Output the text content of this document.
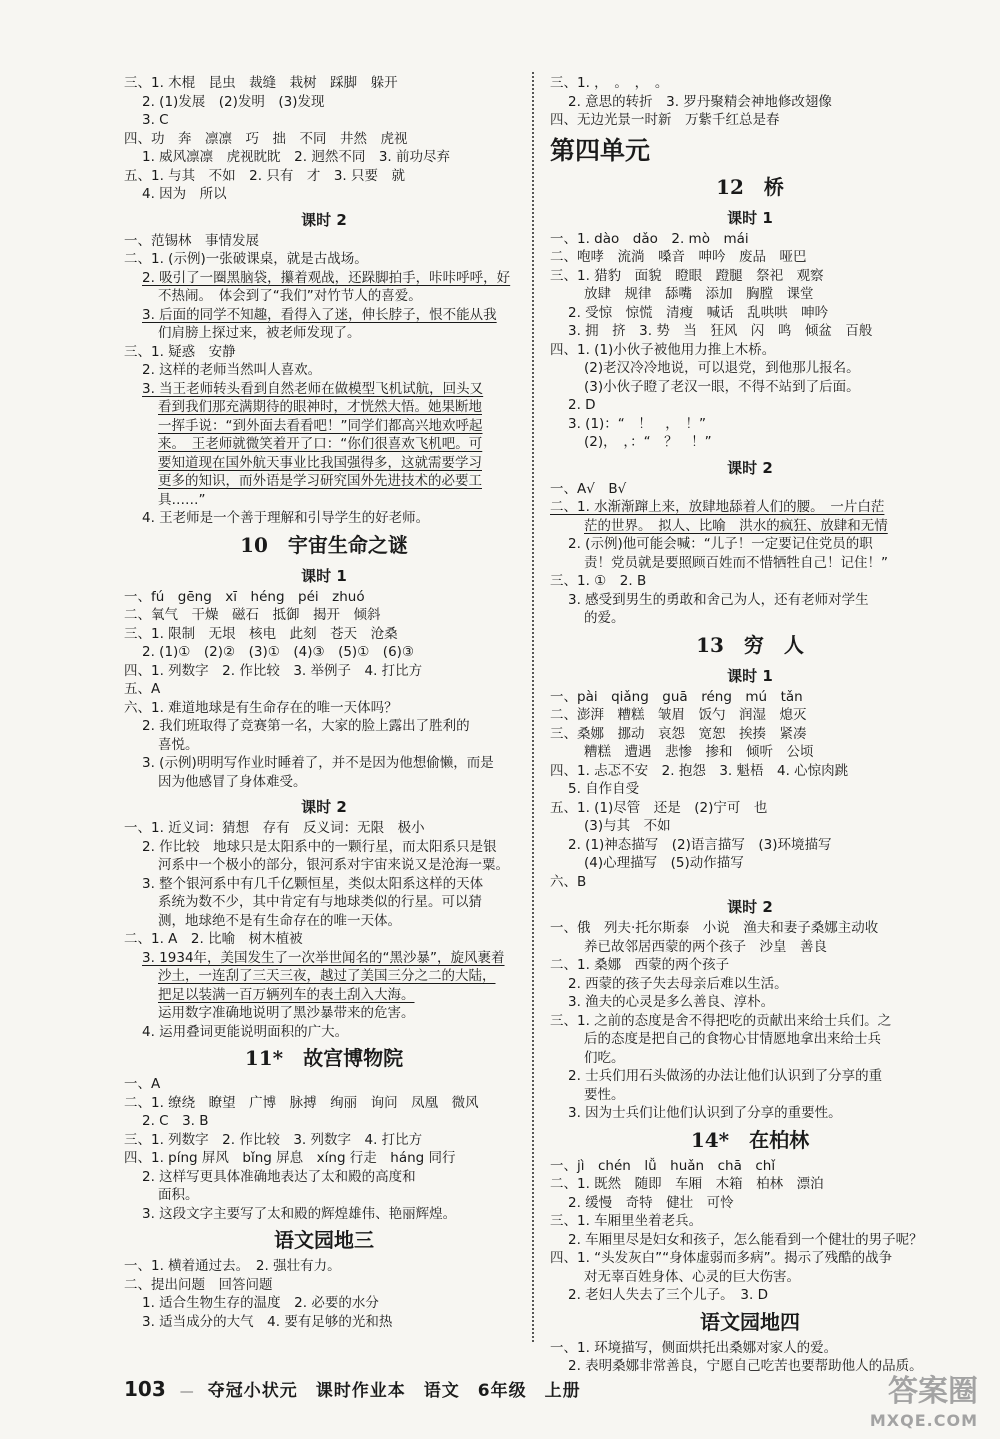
三、1. 木棍　昆虫　裁缝　栽树　踩脚　躲开
2. (1)发展　(2)发明　(3)发现
3. C
四、功　奔　凛凛　巧　拙　不同　井然　虎视
1. 威风凛凛　虎视眈眈　2. 迥然不同　3. 前功尽弃
五、1. 与其　不如　2. 只有　才　3. 只要　就
4. 因为　所以
课时 2
一、范锡林　事情发展
二、1. (示例)一张破课桌，就是古战场。
2. 吸引了一圈黑脑袋，攥着观战，还跺脚拍手，咔咔呼呼，好
不热闹。　体会到了“我们”对竹节人的喜爱。
3. 后面的同学不知趣，看得入了迷，伸长脖子，恨不能从我
们肩膀上探过来，被老师发现了。
三、1. 疑惑　安静
2. 这样的老师当然叫人喜欢。
3. 当王老师转头看到自然老师在做模型飞机试航，回头又
看到我们那充满期待的眼神时，才恍然大悟。她果断地
一挥手说：“到外面去看看吧！”同学们都高兴地欢呼起
来。　王老师就微笑着开了口：“你们很喜欢飞机吧。可
要知道现在国外航天事业比我国强得多，这就需要学习
更多的知识，而外语是学习研究国外先进技术的必要工
具……”
4. 王老师是一个善于理解和引导学生的好老师。
10　宇宙生命之谜
课时 1
一、fú　gēng　xī　héng　péi　zhuó
二、氧气　干燥　磁石　抵御　揭开　倾斜
三、1. 限制　无垠　核电　此刻　苍天　沧桑
2. (1)①　(2)②　(3)①　(4)③　(5)①　(6)③
四、1. 列数字　2. 作比较　3. 举例子　4. 打比方
五、A
六、1. 难道地球是有生命存在的唯一天体吗？
2. 我们班取得了竞赛第一名，大家的脸上露出了胜利的
喜悦。
3. (示例)明明写作业时睡着了，并不是因为他想偷懒，而是
因为他感冒了身体难受。
课时 2
一、1. 近义词：猜想　存有　反义词：无限　极小
2. 作比较　地球只是太阳系中的一颗行星，而太阳系只是银
河系中一个极小的部分，银河系对宇宙来说又是沧海一粟。
3. 整个银河系中有几千亿颗恒星，类似太阳系这样的天体
系统为数不少，其中肯定有与地球类似的行星。可以猜
测，地球绝不是有生命存在的唯一天体。
二、1. A　2. 比喻　树木植被
3. 1934年，美国发生了一次举世闻名的“黑沙暴”，旋风裹着
沙土，一连刮了三天三夜，越过了美国三分之二的大陆，
把足以装满一百万辆列车的表土刮入大海。
运用数字准确地说明了黑沙暴带来的危害。
4. 运用叠词更能说明面积的广大。
11*　故宫博物院
一、A
二、1. 缭绕　瞭望　广博　脉搏　绚丽　询问　凤凰　微风
2. C　3. B
三、1. 列数字　2. 作比较　3. 列数字　4. 打比方
四、1. píng 屏风　bǐng 屏息　xíng 行走　háng 同行
2. 这样写更具体准确地表达了太和殿的高度和
面积。
3. 这段文字主要写了太和殿的辉煌雄伟、艳丽辉煌。
语文园地三
一、1. 横着通过去。　2. 强壮有力。
二、提出问题　回答问题
1. 适合生物生存的温度　2. 必要的水分
3. 适当成分的大气　4. 要有足够的光和热
三、1. ，　。　，　。
2. 意思的转折　3. 罗丹聚精会神地修改翅像
四、无边光景一时新　万紫千红总是春
第四单元
12　桥
课时 1
一、1. dào　dǎo　2. mò　mái
二、咆哮　流淌　嗓音　呻吟　废品　哑巴
三、1. 猎豹　面貌　瞪眼　蹬腿　祭祀　观察
放肆　规律　舔嘴　添加　胸膛　课堂
2. 受惊　惊慌　清瘦　喊话　乱哄哄　呻吟
3. 拥　挤　3. 势　当　狂风　闪　鸣　倾盆　百般
四、1. (1)小伙子被他用力推上木桥。
(2)老汉冷冷地说，可以退党，到他那儿报名。
(3)小伙子瞪了老汉一眼，不得不站到了后面。
2. D
3. (1)：“　！　，　！”
(2)，　，：“　？　！”
课时 2
一、A√　B√
二、1. 水渐渐蹿上来，放肆地舔着人们的腰。　一片白茫
茫的世界。　拟人、比喻　洪水的疯狂、放肆和无情
2. (示例)他可能会喊：“儿子！一定要记住党员的职
责！党员就是要照顾百姓而不惜牺牲自己！记住！”
三、1. ①　2. B
3. 感受到男生的勇敢和舍己为人，还有老师对学生
的爱。
13　穷　人
课时 1
一、pài　qiǎng　guā　réng　mú　tǎn
二、澎湃　糟糕　皱眉　饭勺　润湿　熄灭
三、桑娜　挪动　哀怨　宽恕　挨揍　紧凑
糟糕　遭遇　悲惨　掺和　倾听　公顷
四、1. 忐忑不安　2. 抱怨　3. 魁梧　4. 心惊肉跳
5. 自作自受
五、1. (1)尽管　还是　(2)宁可　也
(3)与其　不如
2. (1)神态描写　(2)语言描写　(3)环境描写
(4)心理描写　(5)动作描写
六、B
课时 2
一、俄　列夫·托尔斯泰　小说　渔夫和妻子桑娜主动收
养已故邻居西蒙的两个孩子　沙皇　善良
二、1. 桑娜　西蒙的两个孩子
2. 西蒙的孩子失去母亲后难以生活。
3. 渔夫的心灵是多么善良、淳朴。
三、1. 之前的态度是舍不得把吃的贡献出来给士兵们。之
后的态度是把自己的食物心甘情愿地拿出来给士兵
们吃。
2. 士兵们用石头做汤的办法让他们认识到了分享的重
要性。
3. 因为士兵们让他们认识到了分享的重要性。
14*　在柏林
一、jì　chén　lǚ　huǎn　chā　chǐ
二、1. 既然　随即　车厢　木箱　柏林　漂泊
2. 缓慢　奇特　健壮　可怜
三、1. 车厢里坐着老兵。
2. 车厢里尽是妇女和孩子，怎么能看到一个健壮的男子呢？
四、1. “头发灰白”“身体虚弱而多病”。揭示了残酷的战争
对无辜百姓身体、心灵的巨大伤害。
2. 老妇人失去了三个儿子。　3. D
语文园地四
一、1. 环境描写，侧面烘托出桑娜对家人的爱。
2. 表明桑娜非常善良，宁愿自己吃苦也要帮助他人的品质。
103 — 夺冠小状元　课时作业本　语文　6年级　上册	答案圈
MXQE.COM
